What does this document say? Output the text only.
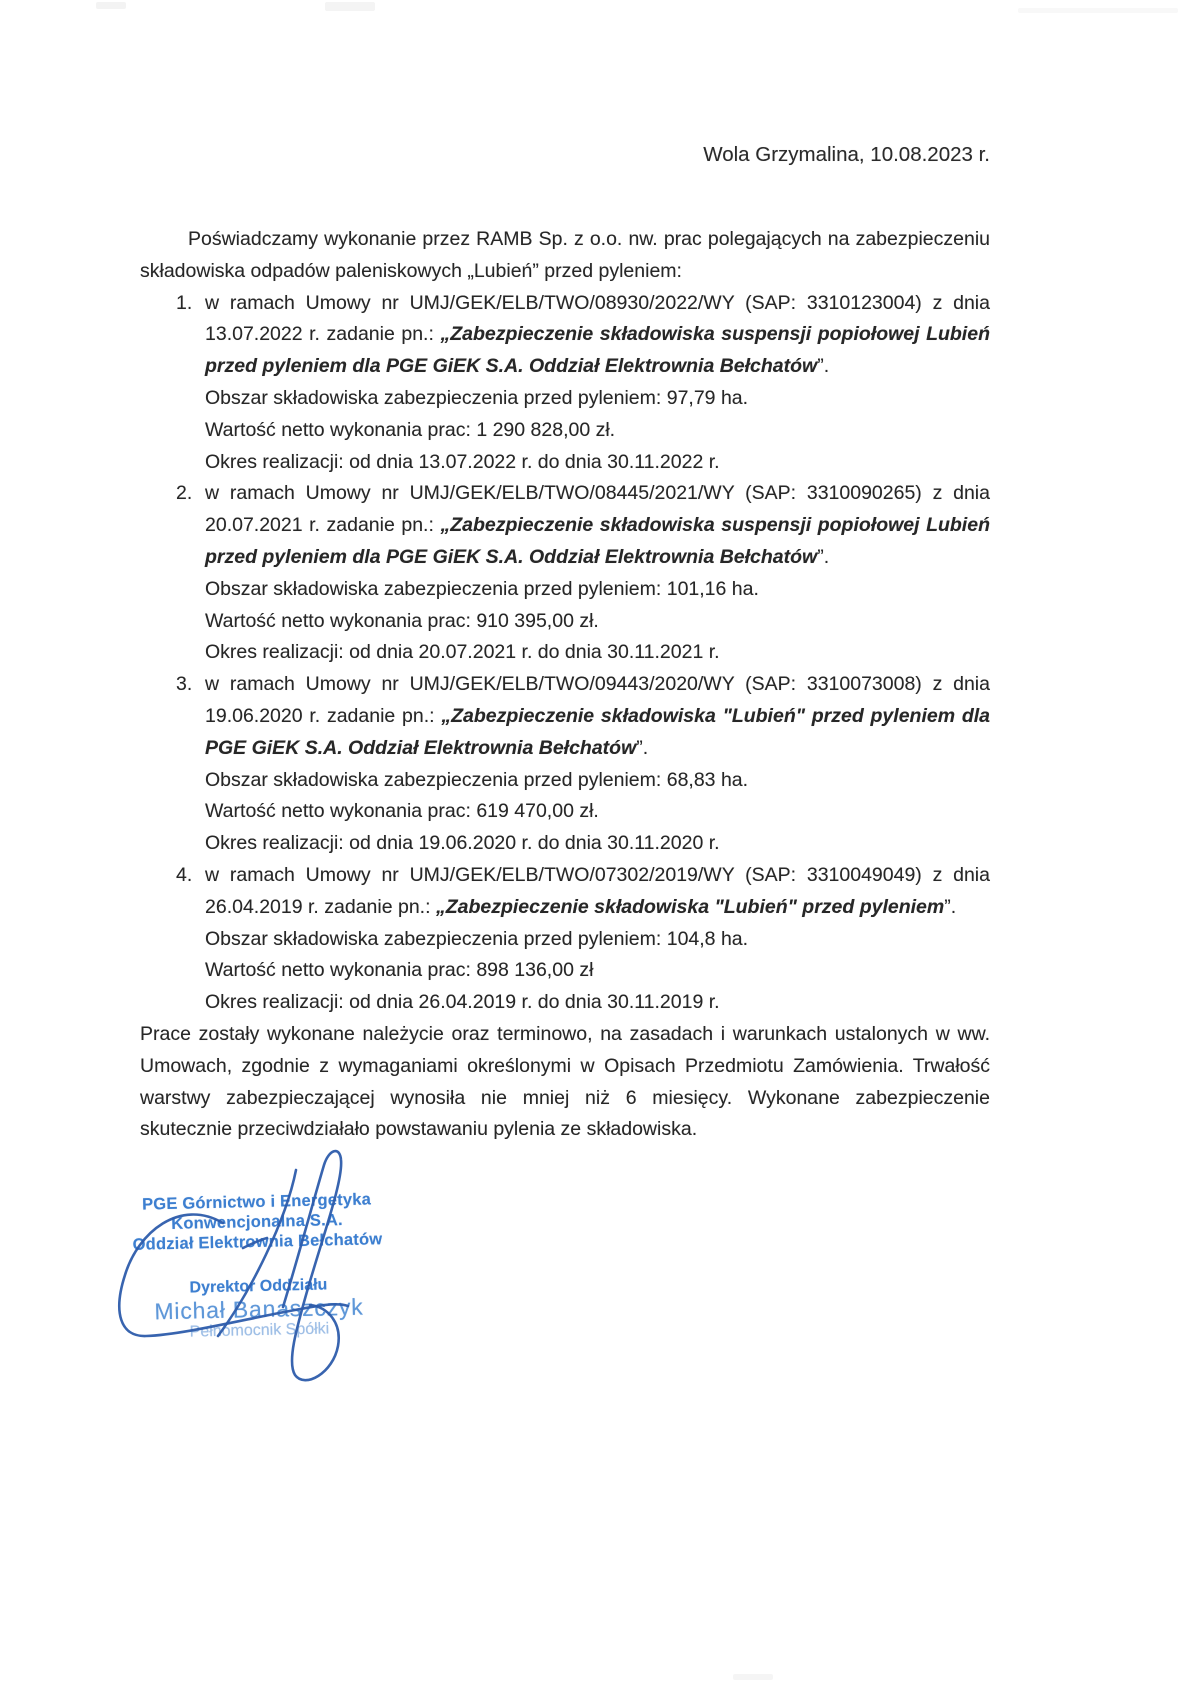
Wola Grzymalina, 10.08.2023 r.

Poświadczamy wykonanie przez RAMB Sp. z o.o. nw. prac polegających na zabezpieczeniu składowiska odpadów paleniskowych „Lubień” przed pyleniem:

1. w ramach Umowy nr UMJ/GEK/ELB/TWO/08930/2022/WY (SAP: 3310123004) z dnia 13.07.2022 r. zadanie pn.: „Zabezpieczenie składowiska suspensji popiołowej Lubień przed pyleniem dla PGE GiEK S.A. Oddział Elektrownia Bełchatów”.

Obszar składowiska zabezpieczenia przed pyleniem: 97,79 ha.

Wartość netto wykonania prac: 1 290 828,00 zł.

Okres realizacji: od dnia 13.07.2022 r. do dnia 30.11.2022 r.

2. w ramach Umowy nr UMJ/GEK/ELB/TWO/08445/2021/WY (SAP: 3310090265) z dnia 20.07.2021 r. zadanie pn.: „Zabezpieczenie składowiska suspensji popiołowej Lubień przed pyleniem dla PGE GiEK S.A. Oddział Elektrownia Bełchatów”.

Obszar składowiska zabezpieczenia przed pyleniem: 101,16 ha.

Wartość netto wykonania prac: 910 395,00 zł.

Okres realizacji: od dnia 20.07.2021 r. do dnia 30.11.2021 r.

3. w ramach Umowy nr UMJ/GEK/ELB/TWO/09443/2020/WY (SAP: 3310073008) z dnia 19.06.2020 r. zadanie pn.: „Zabezpieczenie składowiska "Lubień" przed pyleniem dla PGE GiEK S.A. Oddział Elektrownia Bełchatów”.

Obszar składowiska zabezpieczenia przed pyleniem: 68,83 ha.

Wartość netto wykonania prac: 619 470,00 zł.

Okres realizacji: od dnia 19.06.2020 r. do dnia 30.11.2020 r.

4. w ramach Umowy nr UMJ/GEK/ELB/TWO/07302/2019/WY (SAP: 3310049049) z dnia 26.04.2019 r. zadanie pn.: „Zabezpieczenie składowiska "Lubień" przed pyleniem”.

Obszar składowiska zabezpieczenia przed pyleniem: 104,8 ha.

Wartość netto wykonania prac: 898 136,00 zł

Okres realizacji: od dnia 26.04.2019 r. do dnia 30.11.2019 r.

Prace zostały wykonane należycie oraz terminowo, na zasadach i warunkach ustalonych w ww. Umowach, zgodnie z wymaganiami określonymi w Opisach Przedmiotu Zamówienia. Trwałość warstwy zabezpieczającej wynosiła nie mniej niż 6 miesięcy. Wykonane zabezpieczenie skutecznie przeciwdziałało powstawaniu pylenia ze składowiska.

PGE Górnictwo i Energetyka Konwencjonalna S.A.
Oddział Elektrownia Bełchatów
Dyrektor Oddziału
Michał Banaszczyk
Pełnomocnik Spółki
